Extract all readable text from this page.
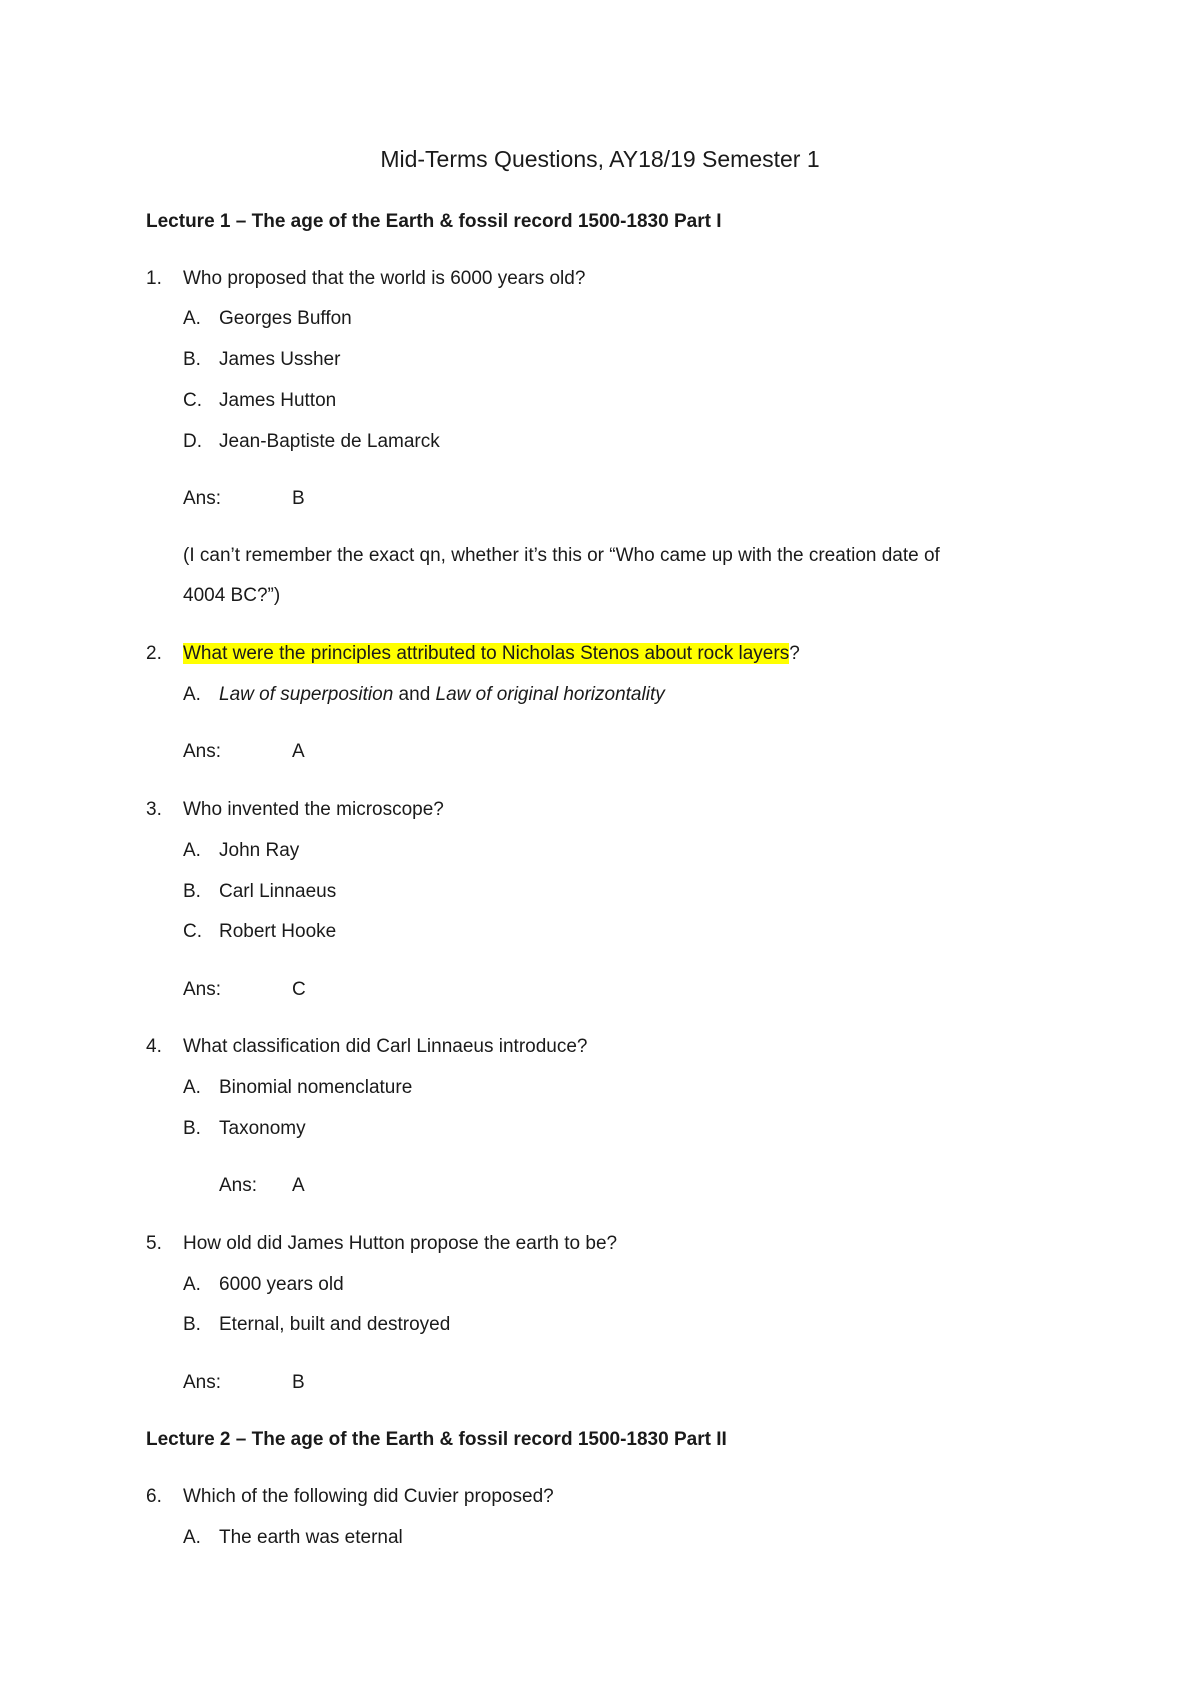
Mid-Terms Questions, AY18/19 Semester 1
Lecture 1 – The age of the Earth & fossil record 1500-1830 Part I
1. Who proposed that the world is 6000 years old?
A. Georges Buffon
B. James Ussher
C. James Hutton
D. Jean-Baptiste de Lamarck
Ans:	B
(I can’t remember the exact qn, whether it’s this or “Who came up with the creation date of
4004 BC?”)
2. What were the principles attributed to Nicholas Stenos about rock layers?
A. Law of superposition and Law of original horizontality
Ans:	A
3. Who invented the microscope?
A. John Ray
B. Carl Linnaeus
C. Robert Hooke
Ans:	C
4. What classification did Carl Linnaeus introduce?
A. Binomial nomenclature
B. Taxonomy
Ans: A
5. How old did James Hutton propose the earth to be?
A. 6000 years old
B. Eternal, built and destroyed
Ans:	B
Lecture 2 – The age of the Earth & fossil record 1500-1830 Part II
6. Which of the following did Cuvier proposed?
A. The earth was eternal
